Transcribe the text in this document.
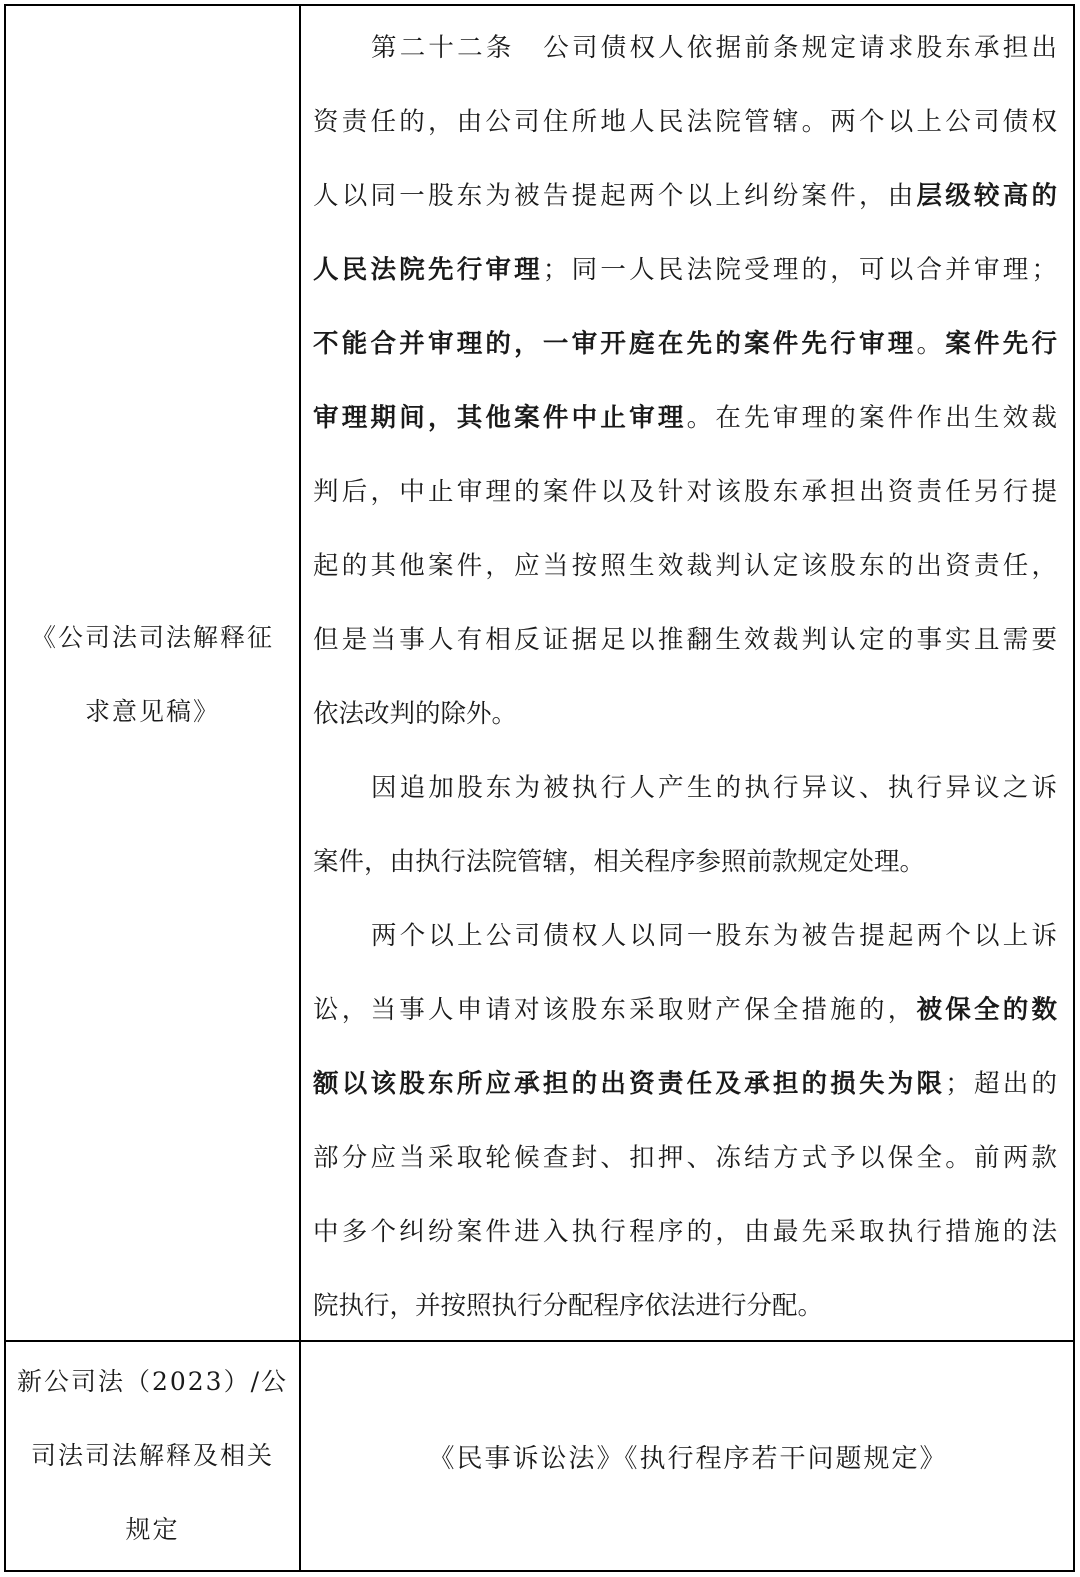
《公司法司法解释征
求意见稿》
第二十二条　公司债权人依据前条规定请求股东承担出
资责任的，由公司住所地人民法院管辖。两个以上公司债权
人以同一股东为被告提起两个以上纠纷案件，由层级较高的
人民法院先行审理；同一人民法院受理的，可以合并审理；
不能合并审理的，一审开庭在先的案件先行审理。案件先行
审理期间，其他案件中止审理。在先审理的案件作出生效裁
判后，中止审理的案件以及针对该股东承担出资责任另行提
起的其他案件，应当按照生效裁判认定该股东的出资责任，
但是当事人有相反证据足以推翻生效裁判认定的事实且需要
依法改判的除外。
因追加股东为被执行人产生的执行异议、执行异议之诉
案件，由执行法院管辖，相关程序参照前款规定处理。
两个以上公司债权人以同一股东为被告提起两个以上诉
讼，当事人申请对该股东采取财产保全措施的，被保全的数
额以该股东所应承担的出资责任及承担的损失为限；超出的
部分应当采取轮候查封、扣押、冻结方式予以保全。前两款
中多个纠纷案件进入执行程序的，由最先采取执行措施的法
院执行，并按照执行分配程序依法进行分配。
新公司法（2023）/公
司法司法解释及相关
规定
《民事诉讼法》《执行程序若干问题规定》
